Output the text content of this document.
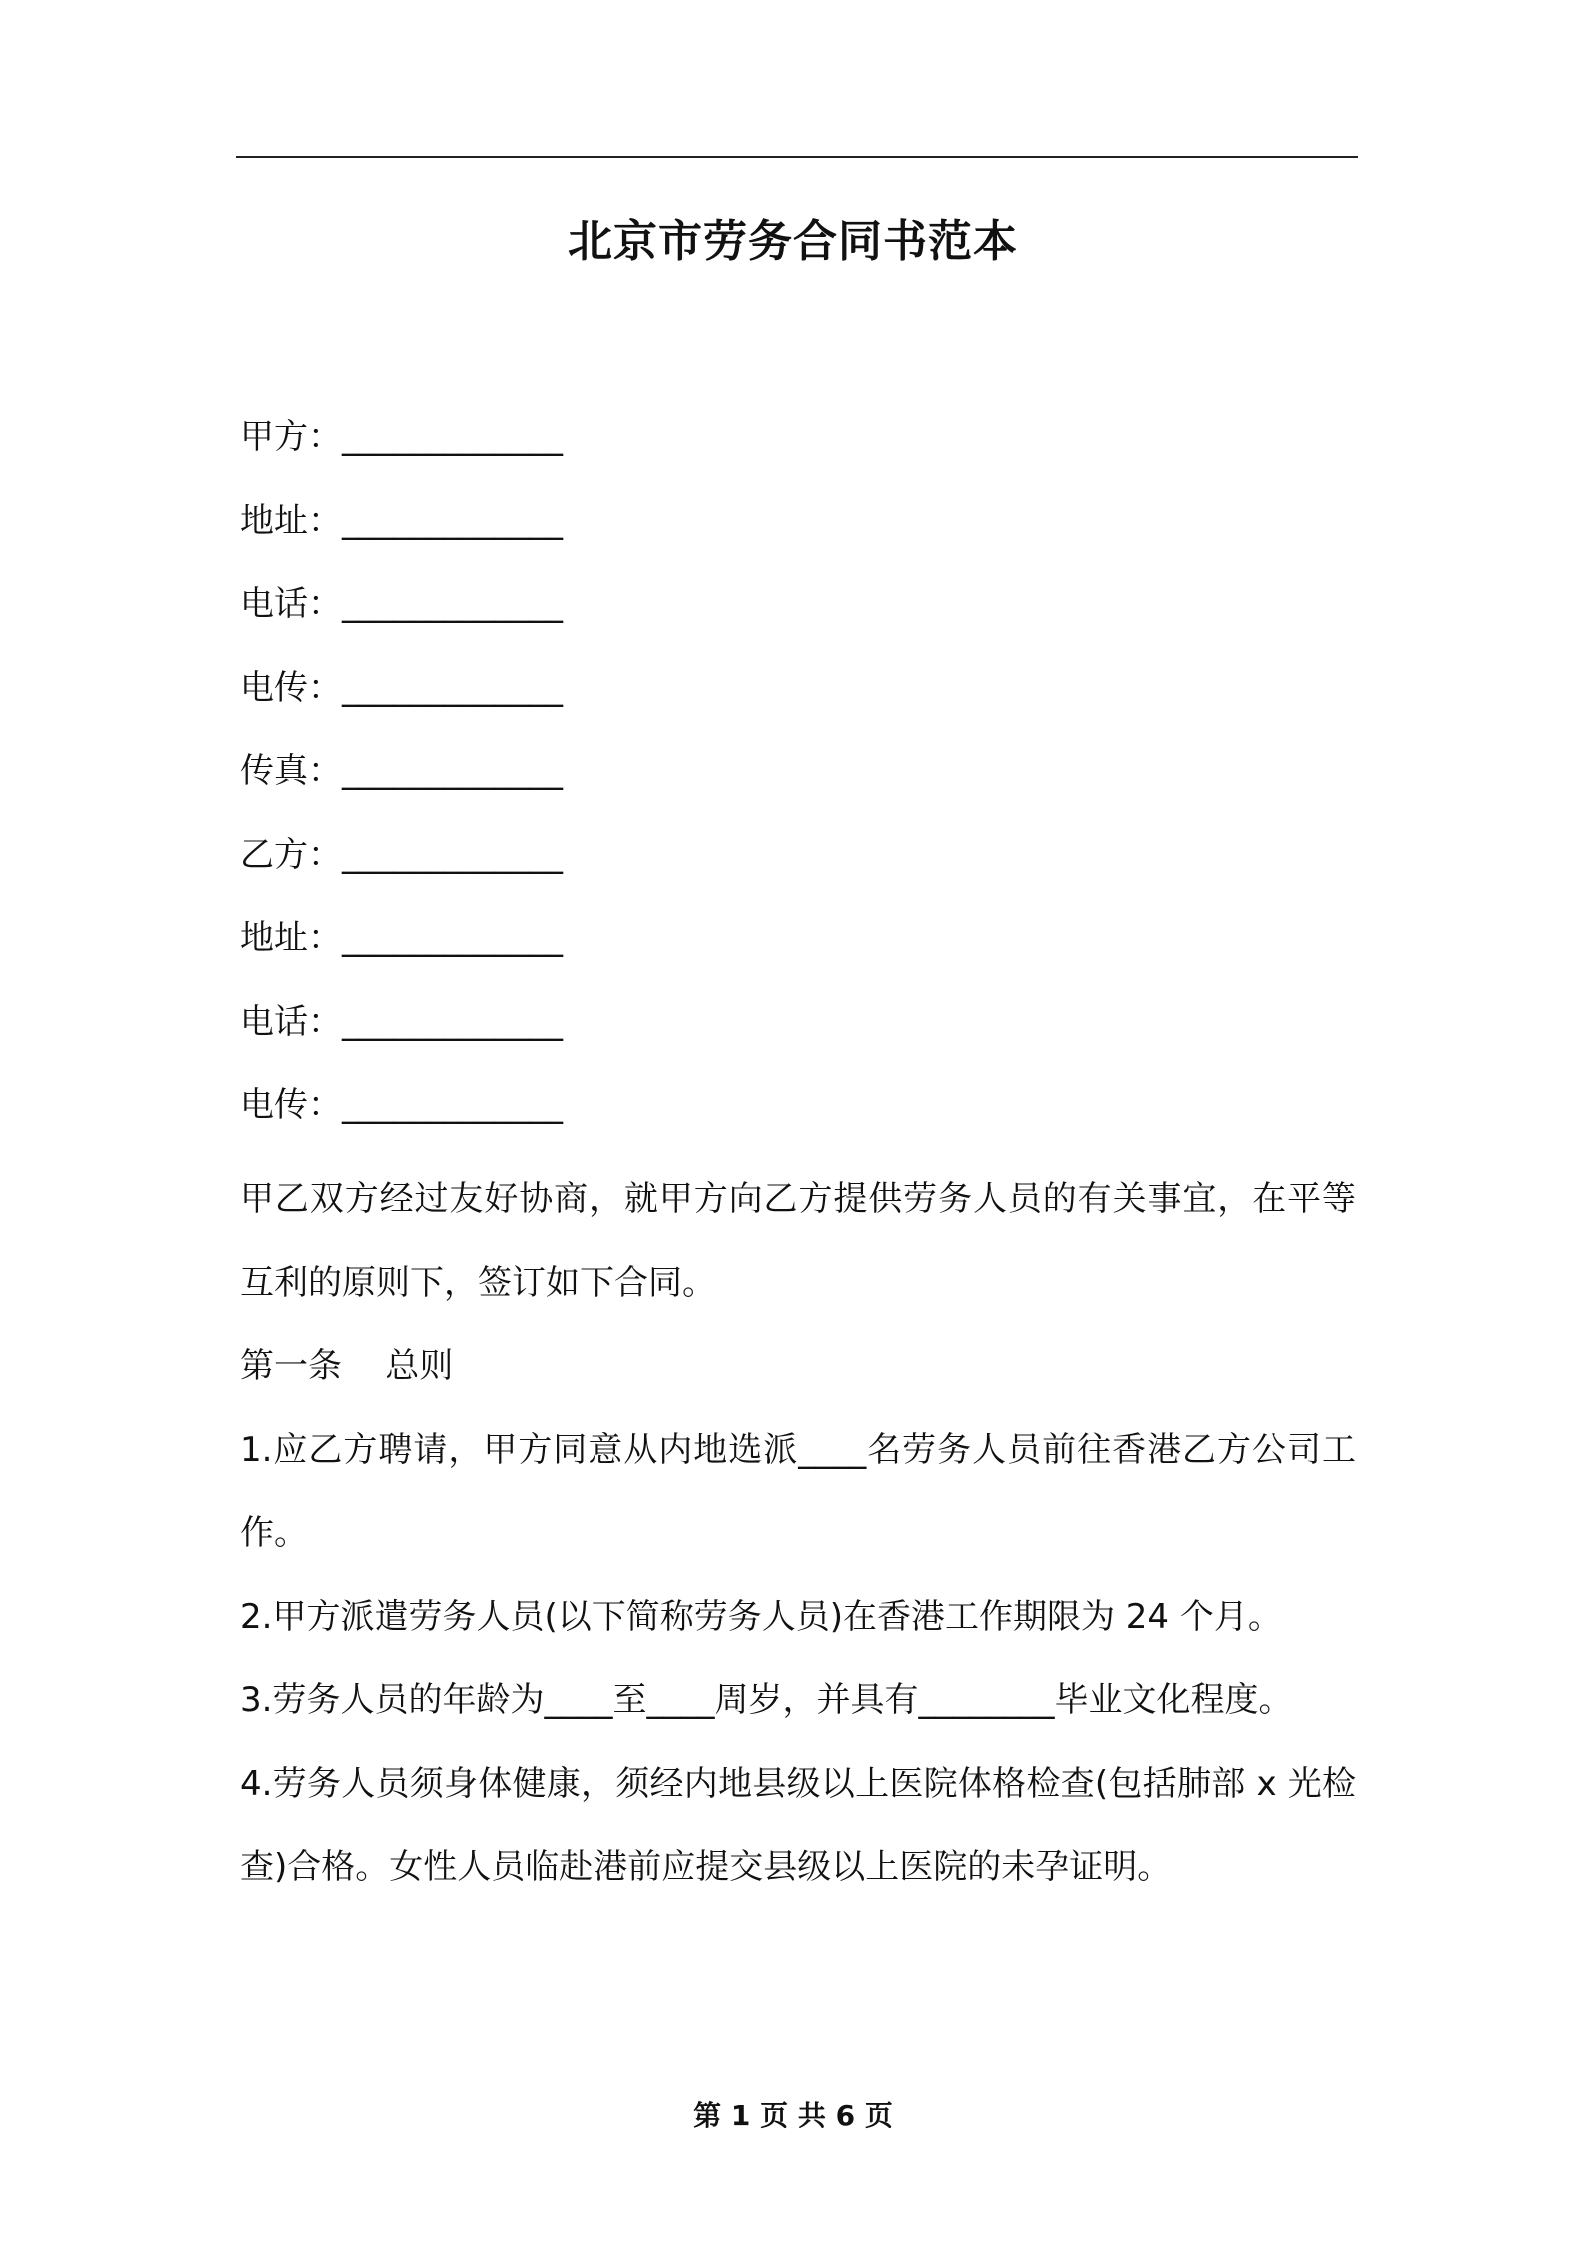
北京市劳务合同书范本
甲方：_____________
地址：_____________
电话：_____________
电传：_____________
传真：_____________
乙方：_____________
地址：_____________
电话：_____________
电传：_____________

甲乙双方经过友好协商，就甲方向乙方提供劳务人员的有关事宜，在平等互利的原则下，签订如下合同。

第一条    总则

1.应乙方聘请，甲方同意从内地选派____名劳务人员前往香港乙方公司工作。

2.甲方派遣劳务人员(以下简称劳务人员)在香港工作期限为 24 个月。

3.劳务人员的年龄为____至____周岁，并具有________毕业文化程度。

4.劳务人员须身体健康，须经内地县级以上医院体格检查(包括肺部 x 光检查)合格。女性人员临赴港前应提交县级以上医院的未孕证明。

第 1 页 共 6 页
